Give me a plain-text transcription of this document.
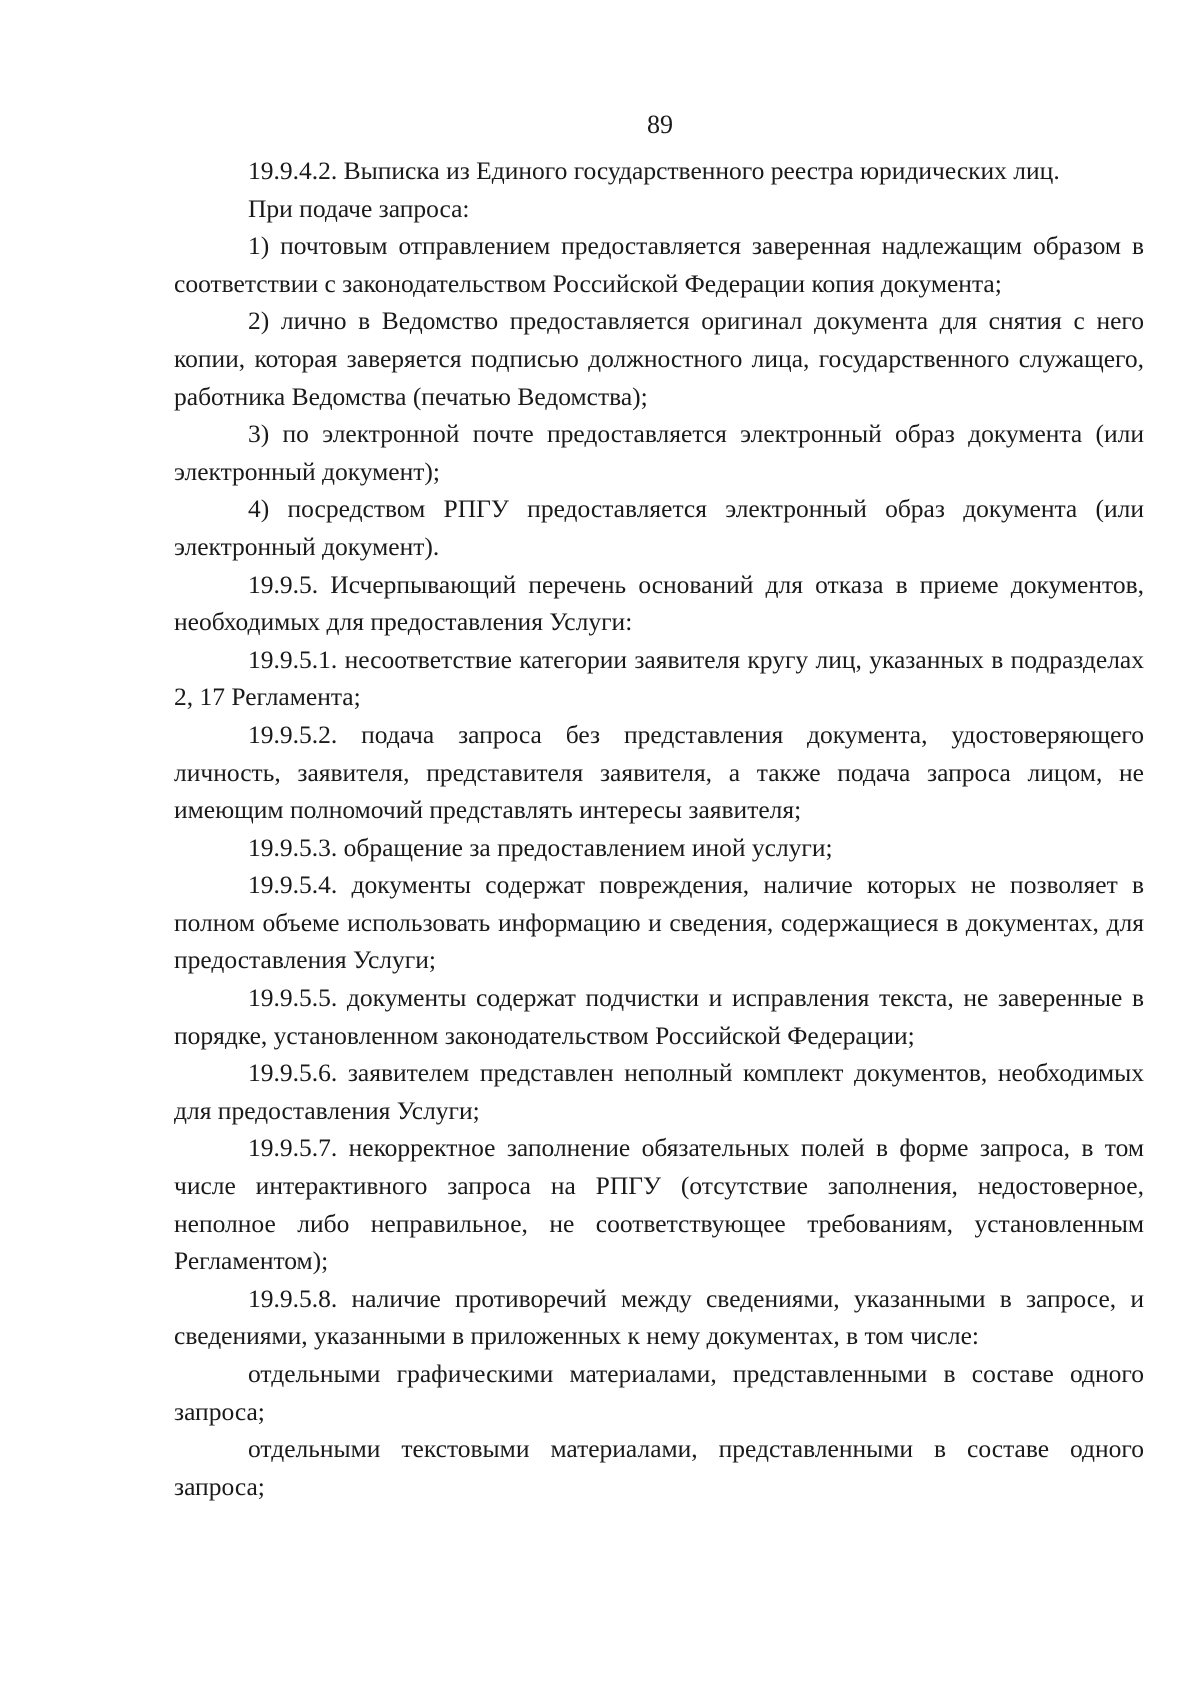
89

19.9.4.2. Выписка из Единого государственного реестра юридических лиц.

При подаче запроса:

1) почтовым отправлением предоставляется заверенная надлежащим образом в соответствии с законодательством Российской Федерации копия документа;

2) лично в Ведомство предоставляется оригинал документа для снятия с него копии, которая заверяется подписью должностного лица, государственного служащего, работника Ведомства (печатью Ведомства);

3) по электронной почте предоставляется электронный образ документа (или электронный документ);

4) посредством РПГУ предоставляется электронный образ документа (или электронный документ).

19.9.5. Исчерпывающий перечень оснований для отказа в приеме документов, необходимых для предоставления Услуги:

19.9.5.1. несоответствие категории заявителя кругу лиц, указанных в подразделах 2, 17 Регламента;

19.9.5.2. подача запроса без представления документа, удостоверяющего личность, заявителя, представителя заявителя, а также подача запроса лицом, не имеющим полномочий представлять интересы заявителя;

19.9.5.3. обращение за предоставлением иной услуги;

19.9.5.4. документы содержат повреждения, наличие которых не позволяет в полном объеме использовать информацию и сведения, содержащиеся в документах, для предоставления Услуги;

19.9.5.5. документы содержат подчистки и исправления текста, не заверенные в порядке, установленном законодательством Российской Федерации;

19.9.5.6. заявителем представлен неполный комплект документов, необходимых для предоставления Услуги;

19.9.5.7. некорректное заполнение обязательных полей в форме запроса, в том числе интерактивного запроса на РПГУ (отсутствие заполнения, недостоверное, неполное либо неправильное, не соответствующее требованиям, установленным Регламентом);

19.9.5.8. наличие противоречий между сведениями, указанными в запросе, и сведениями, указанными в приложенных к нему документах, в том числе:

отдельными графическими материалами, представленными в составе одного запроса;

отдельными текстовыми материалами, представленными в составе одного запроса;
